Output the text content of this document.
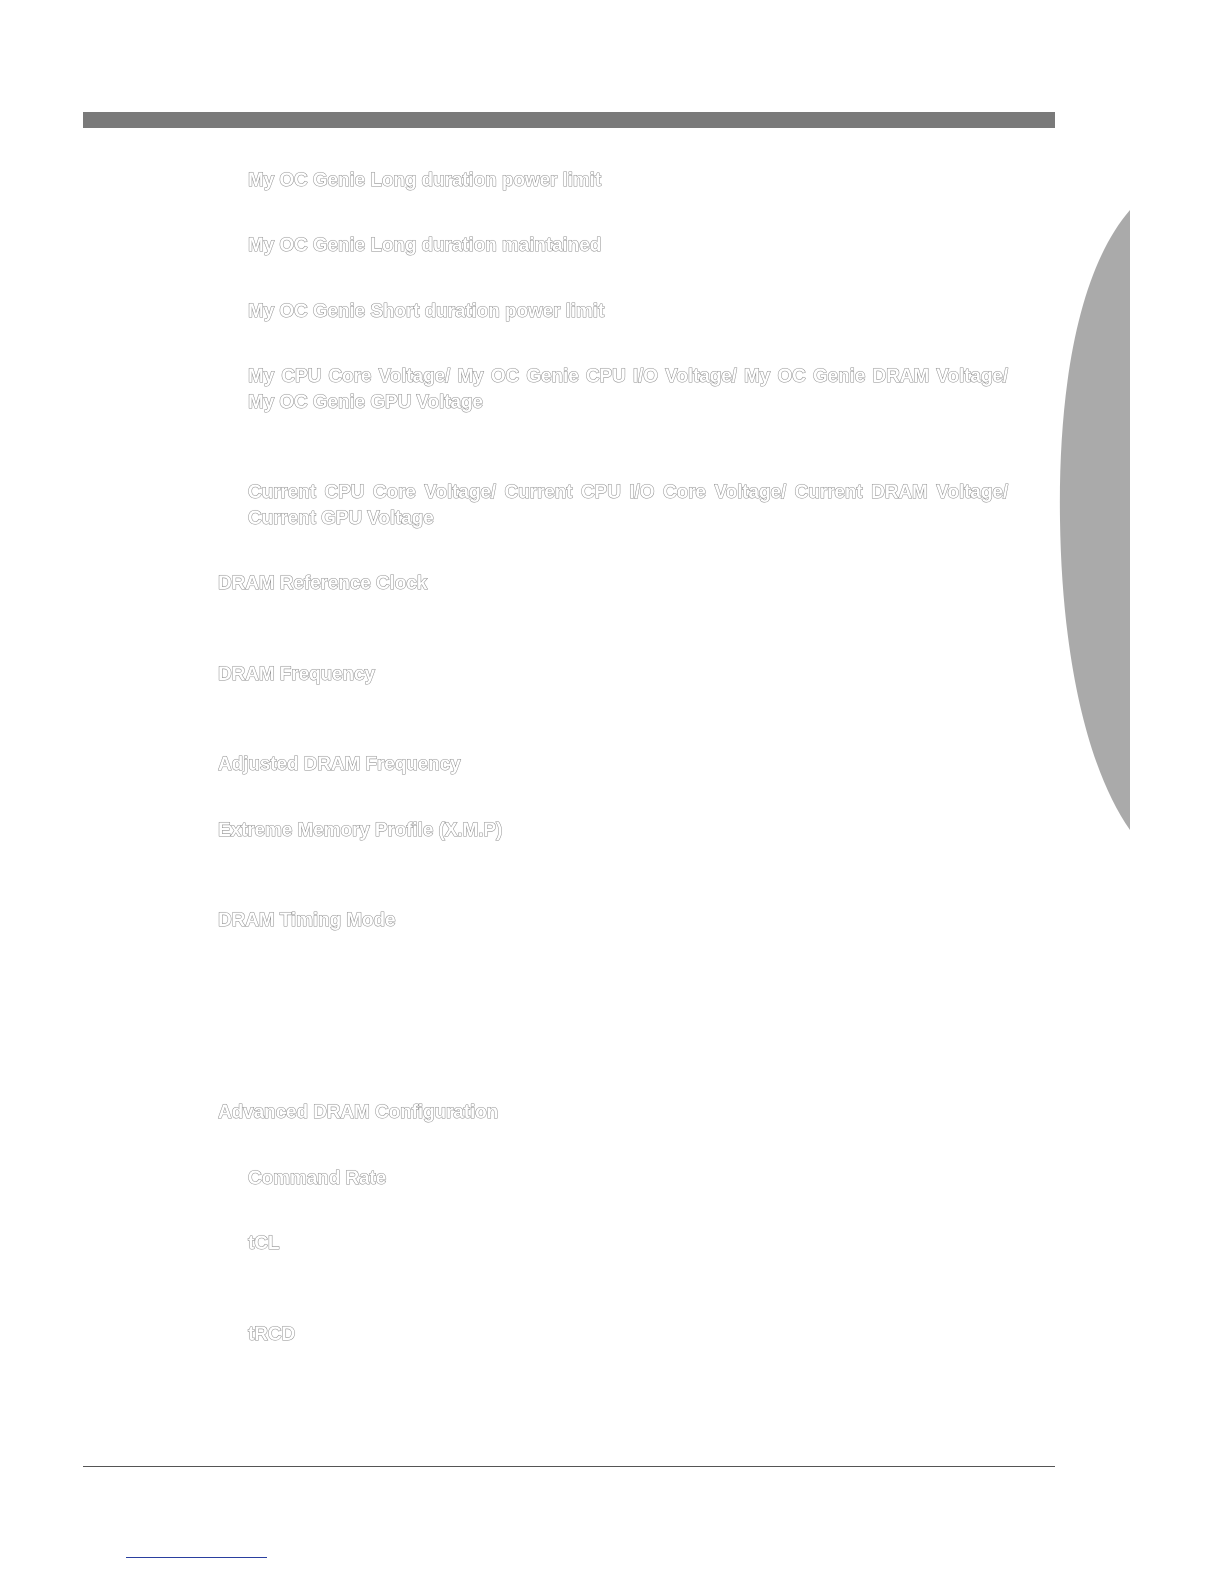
My OC Genie Long duration power limit

My OC Genie Long duration maintained

My OC Genie Short duration power limit

My CPU Core Voltage/ My OC Genie CPU I/O Voltage/ My OC Genie DRAM Voltage/ My OC Genie GPU Voltage

Current CPU Core Voltage/ Current CPU I/O Core Voltage/ Current DRAM Voltage/ Current GPU Voltage

DRAM Reference Clock

DRAM Frequency

Adjusted DRAM Frequency

Extreme Memory Profile (X.M.P)

DRAM Timing Mode

Advanced DRAM Configuration

Command Rate

tCL

tRCD
